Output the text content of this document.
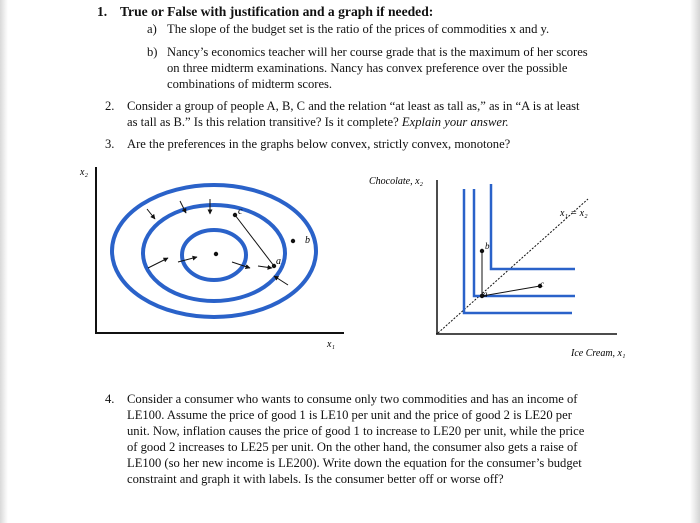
1. True or False with justification and a graph if needed:
a) The slope of the budget set is the ratio of the prices of commodities x and y.
b) Nancy’s economics teacher will her course grade that is the maximum of her scores
on three midterm examinations. Nancy has convex preference over the possible
combinations of midterm scores.
2. Consider a group of people A, B, C and the relation “at least as tall as,” as in “A is at least
as tall as B.” Is this relation transitive? Is it complete? Explain your answer.
3. Are the preferences in the graphs below convex, strictly convex, monotone?
x₂
x₁
c
b
a
Chocolate, x₂
Ice Cream, x₁
x₁ = x₂
b
a
c
4. Consider a consumer who wants to consume only two commodities and has an income of
LE100. Assume the price of good 1 is LE10 per unit and the price of good 2 is LE20 per
unit. Now, inflation causes the price of good 1 to increase to LE20 per unit, while the price
of good 2 increases to LE25 per unit. On the other hand, the consumer also gets a raise of
LE100 (so her new income is LE200). Write down the equation for the consumer’s budget
constraint and graph it with labels. Is the consumer better off or worse off?
